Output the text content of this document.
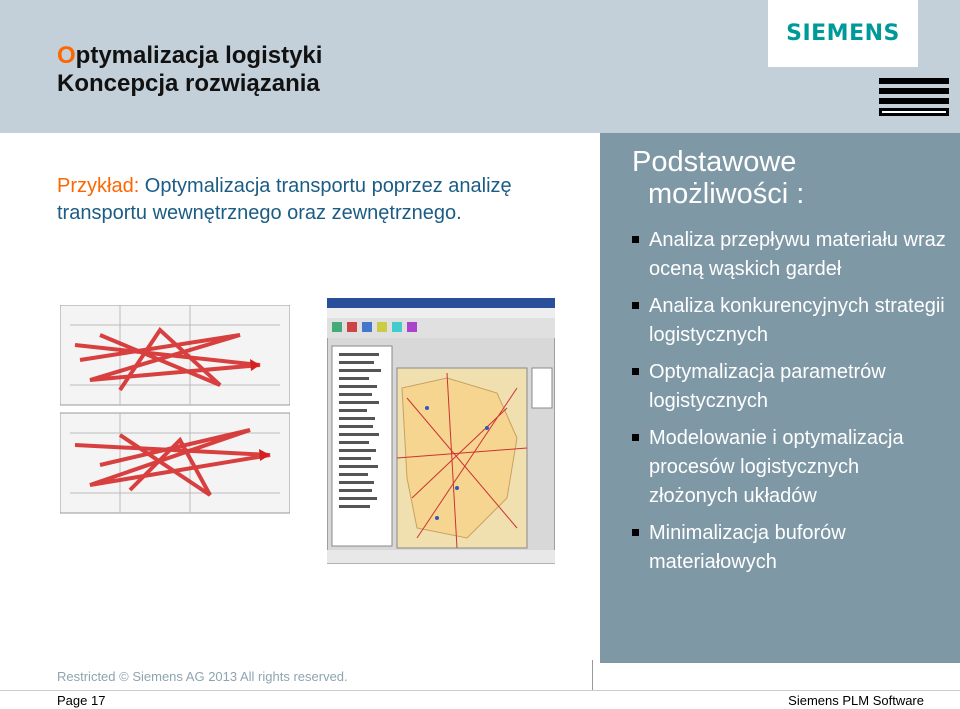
Optymalizacja logistyki
Koncepcja rozwiązania
SIEMENS
Przykład: Optymalizacja transportu poprzez analizę transportu wewnętrznego oraz zewnętrznego.
Podstawowe
możliwości :
Analiza przepływu materiału wraz oceną wąskich gardeł
Analiza konkurencyjnych strategii logistycznych
Optymalizacja parametrów logistycznych
Modelowanie i optymalizacja procesów logistycznych złożonych układów
Minimalizacja buforów materiałowych
Restricted © Siemens AG 2013 All rights reserved.
Page 17	Siemens PLM Software
